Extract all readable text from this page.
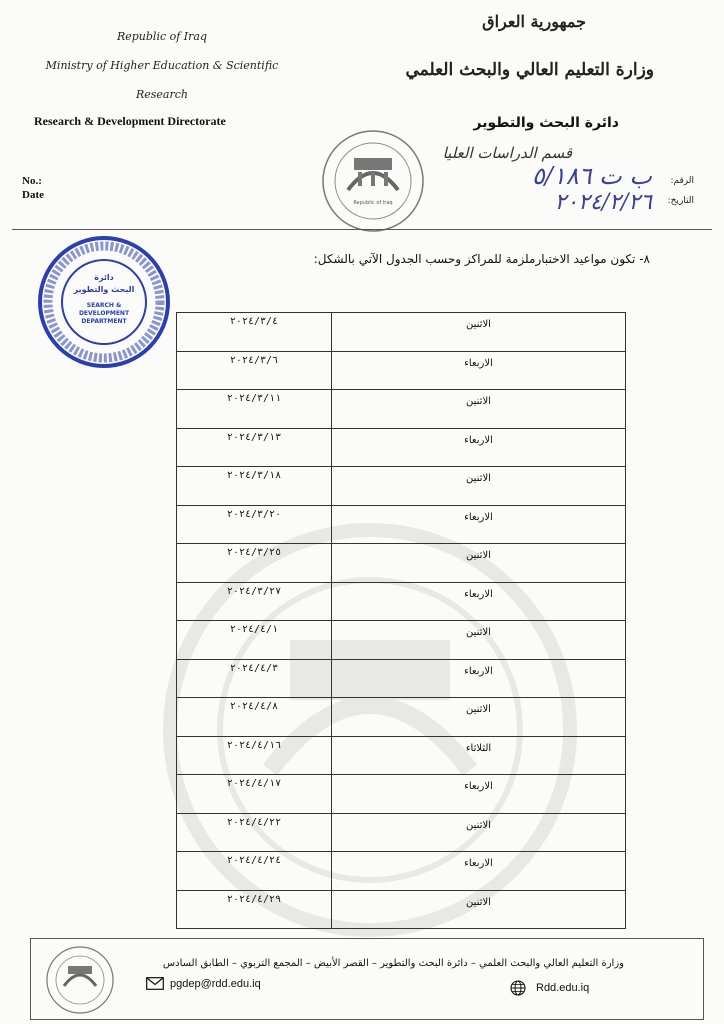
Republic of Iraq
Ministry of Higher Education & Scientific
Research
Research & Development Directorate
No.:
Date
جمهورية العراق
وزارة التعليم العالي والبحث العلمي
دائرة البحث والتطوير
قسم الدراسات العليا
الرقم:
التاريخ:
ب ت ٥/١٨٦
٢٠٢٤/٢/٢٦
Republic of Iraq
دائرة
البحث والتطوير
SEARCH &
DEVELOPMENT
DEPARTMENT
٨- تكون مواعيد الاختبارملزمة للمراكز وحسب الجدول الآتي بالشكل:
٢٠٢٤/٣/٤	الاثنين
٢٠٢٤/٣/٦	الاربعاء
٢٠٢٤/٣/١١	الاثنين
٢٠٢٤/٣/١٣	الاربعاء
٢٠٢٤/٣/١٨	الاثنين
٢٠٢٤/٣/٢٠	الاربعاء
٢٠٢٤/٣/٢٥	الاثنين
٢٠٢٤/٣/٢٧	الاربعاء
٢٠٢٤/٤/١	الاثنين
٢٠٢٤/٤/٣	الاربعاء
٢٠٢٤/٤/٨	الاثنين
٢٠٢٤/٤/١٦	الثلاثاء
٢٠٢٤/٤/١٧	الاربعاء
٢٠٢٤/٤/٢٢	الاثنين
٢٠٢٤/٤/٢٤	الاربعاء
٢٠٢٤/٤/٢٩	الاثنين
وزارة التعليم العالي والبحث العلمي – دائرة البحث والتطوير – القصر الأبيض – المجمع التربوي – الطابق السادس
pgdep@rdd.edu.iq	Rdd.edu.iq
